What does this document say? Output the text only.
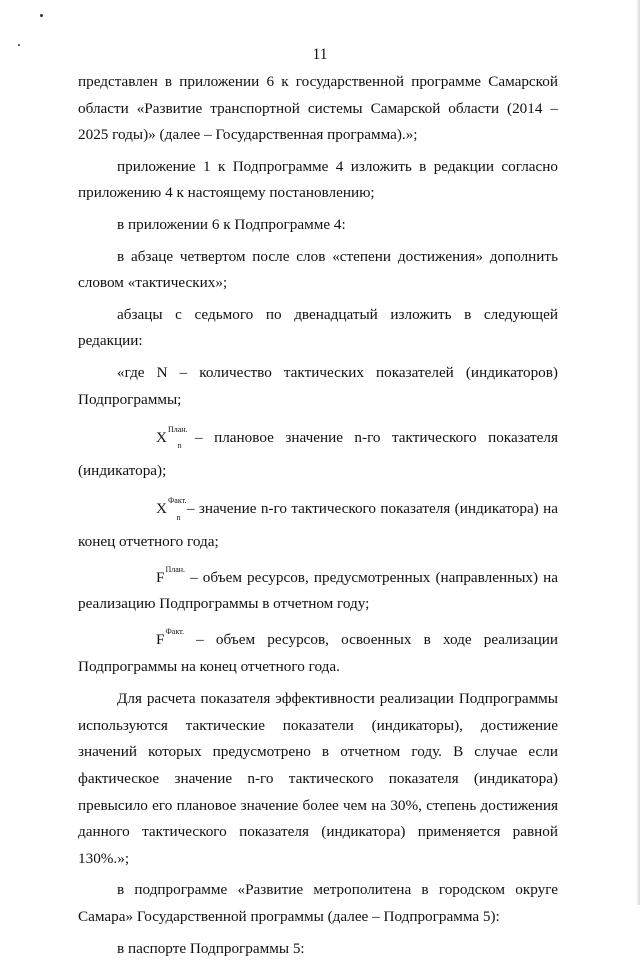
11

представлен в приложении 6 к государственной программе Самарской области «Развитие транспортной системы Самарской области (2014 – 2025 годы)» (далее – Государственная программа).»;

приложение 1 к Подпрограмме 4 изложить в редакции согласно приложению 4 к настоящему постановлению;

в приложении 6 к Подпрограмме 4:

в абзаце четвертом после слов «степени достижения» дополнить словом «тактических»;

абзацы с седьмого по двенадцатый изложить в следующей редакции:

«где N – количество тактических показателей (индикаторов) Подпрограммы;

$X^{План.}_n$ – плановое значение n-го тактического показателя (индикатора);

$X^{Факт.}_n$ – значение n-го тактического показателя (индикатора) на конец отчетного года;

$F^{План.}$ – объем ресурсов, предусмотренных (направленных) на реализацию Подпрограммы в отчетном году;

$F^{Факт.}$ – объем ресурсов, освоенных в ходе реализации Подпрограммы на конец отчетного года.

Для расчета показателя эффективности реализации Подпрограммы используются тактические показатели (индикаторы), достижение значений которых предусмотрено в отчетном году. В случае если фактическое значение n-го тактического показателя (индикатора) превысило его плановое значение более чем на 30%, степень достижения данного тактического показателя (индикатора) применяется равной 130%.»;

в подпрограмме «Развитие метрополитена в городском округе Самара» Государственной программы (далее – Подпрограмма 5):

в паспорте Подпрограммы 5:
